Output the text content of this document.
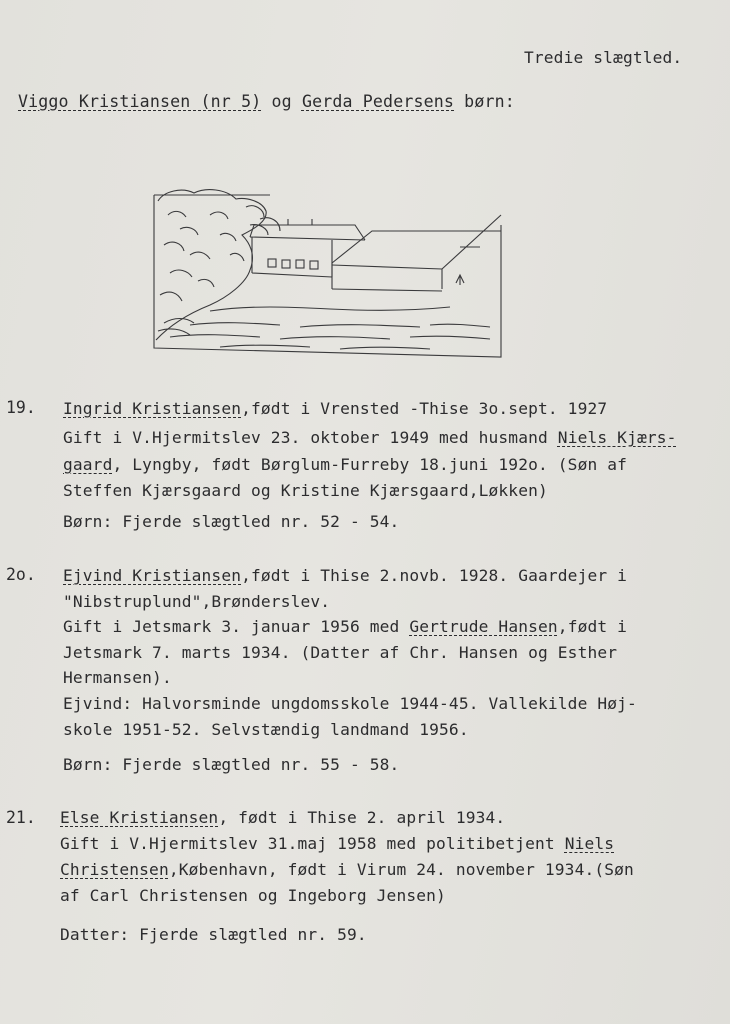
Tredie slægtled.
Viggo Kristiansen (nr 5) og Gerda Pedersens børn:
19. Ingrid Kristiansen,født i Vrensted -Thise 3o.sept. 1927
Gift i V.Hjermitslev 23. oktober 1949 med husmand Niels Kjærs-
gaard, Lyngby, født Børglum-Furreby 18.juni 192o. (Søn af
Steffen Kjærsgaard og Kristine Kjærsgaard,Løkken)
Børn: Fjerde slægtled nr. 52 - 54.
2o. Ejvind Kristiansen,født i Thise 2.novb. 1928. Gaardejer i
"Nibstruplund",Brønderslev.
Gift i Jetsmark 3. januar 1956 med Gertrude Hansen,født i
Jetsmark 7. marts 1934. (Datter af Chr. Hansen og Esther
Hermansen).
Ejvind: Halvorsminde ungdomsskole 1944-45. Vallekilde Høj-
skole 1951-52. Selvstændig landmand 1956.
Børn: Fjerde slægtled nr. 55 - 58.
21. Else Kristiansen, født i Thise 2. april 1934.
Gift i V.Hjermitslev 31.maj 1958 med politibetjent Niels
Christensen,København, født i Virum 24. november 1934.(Søn
af Carl Christensen og Ingeborg Jensen)
Datter: Fjerde slægtled nr. 59.
